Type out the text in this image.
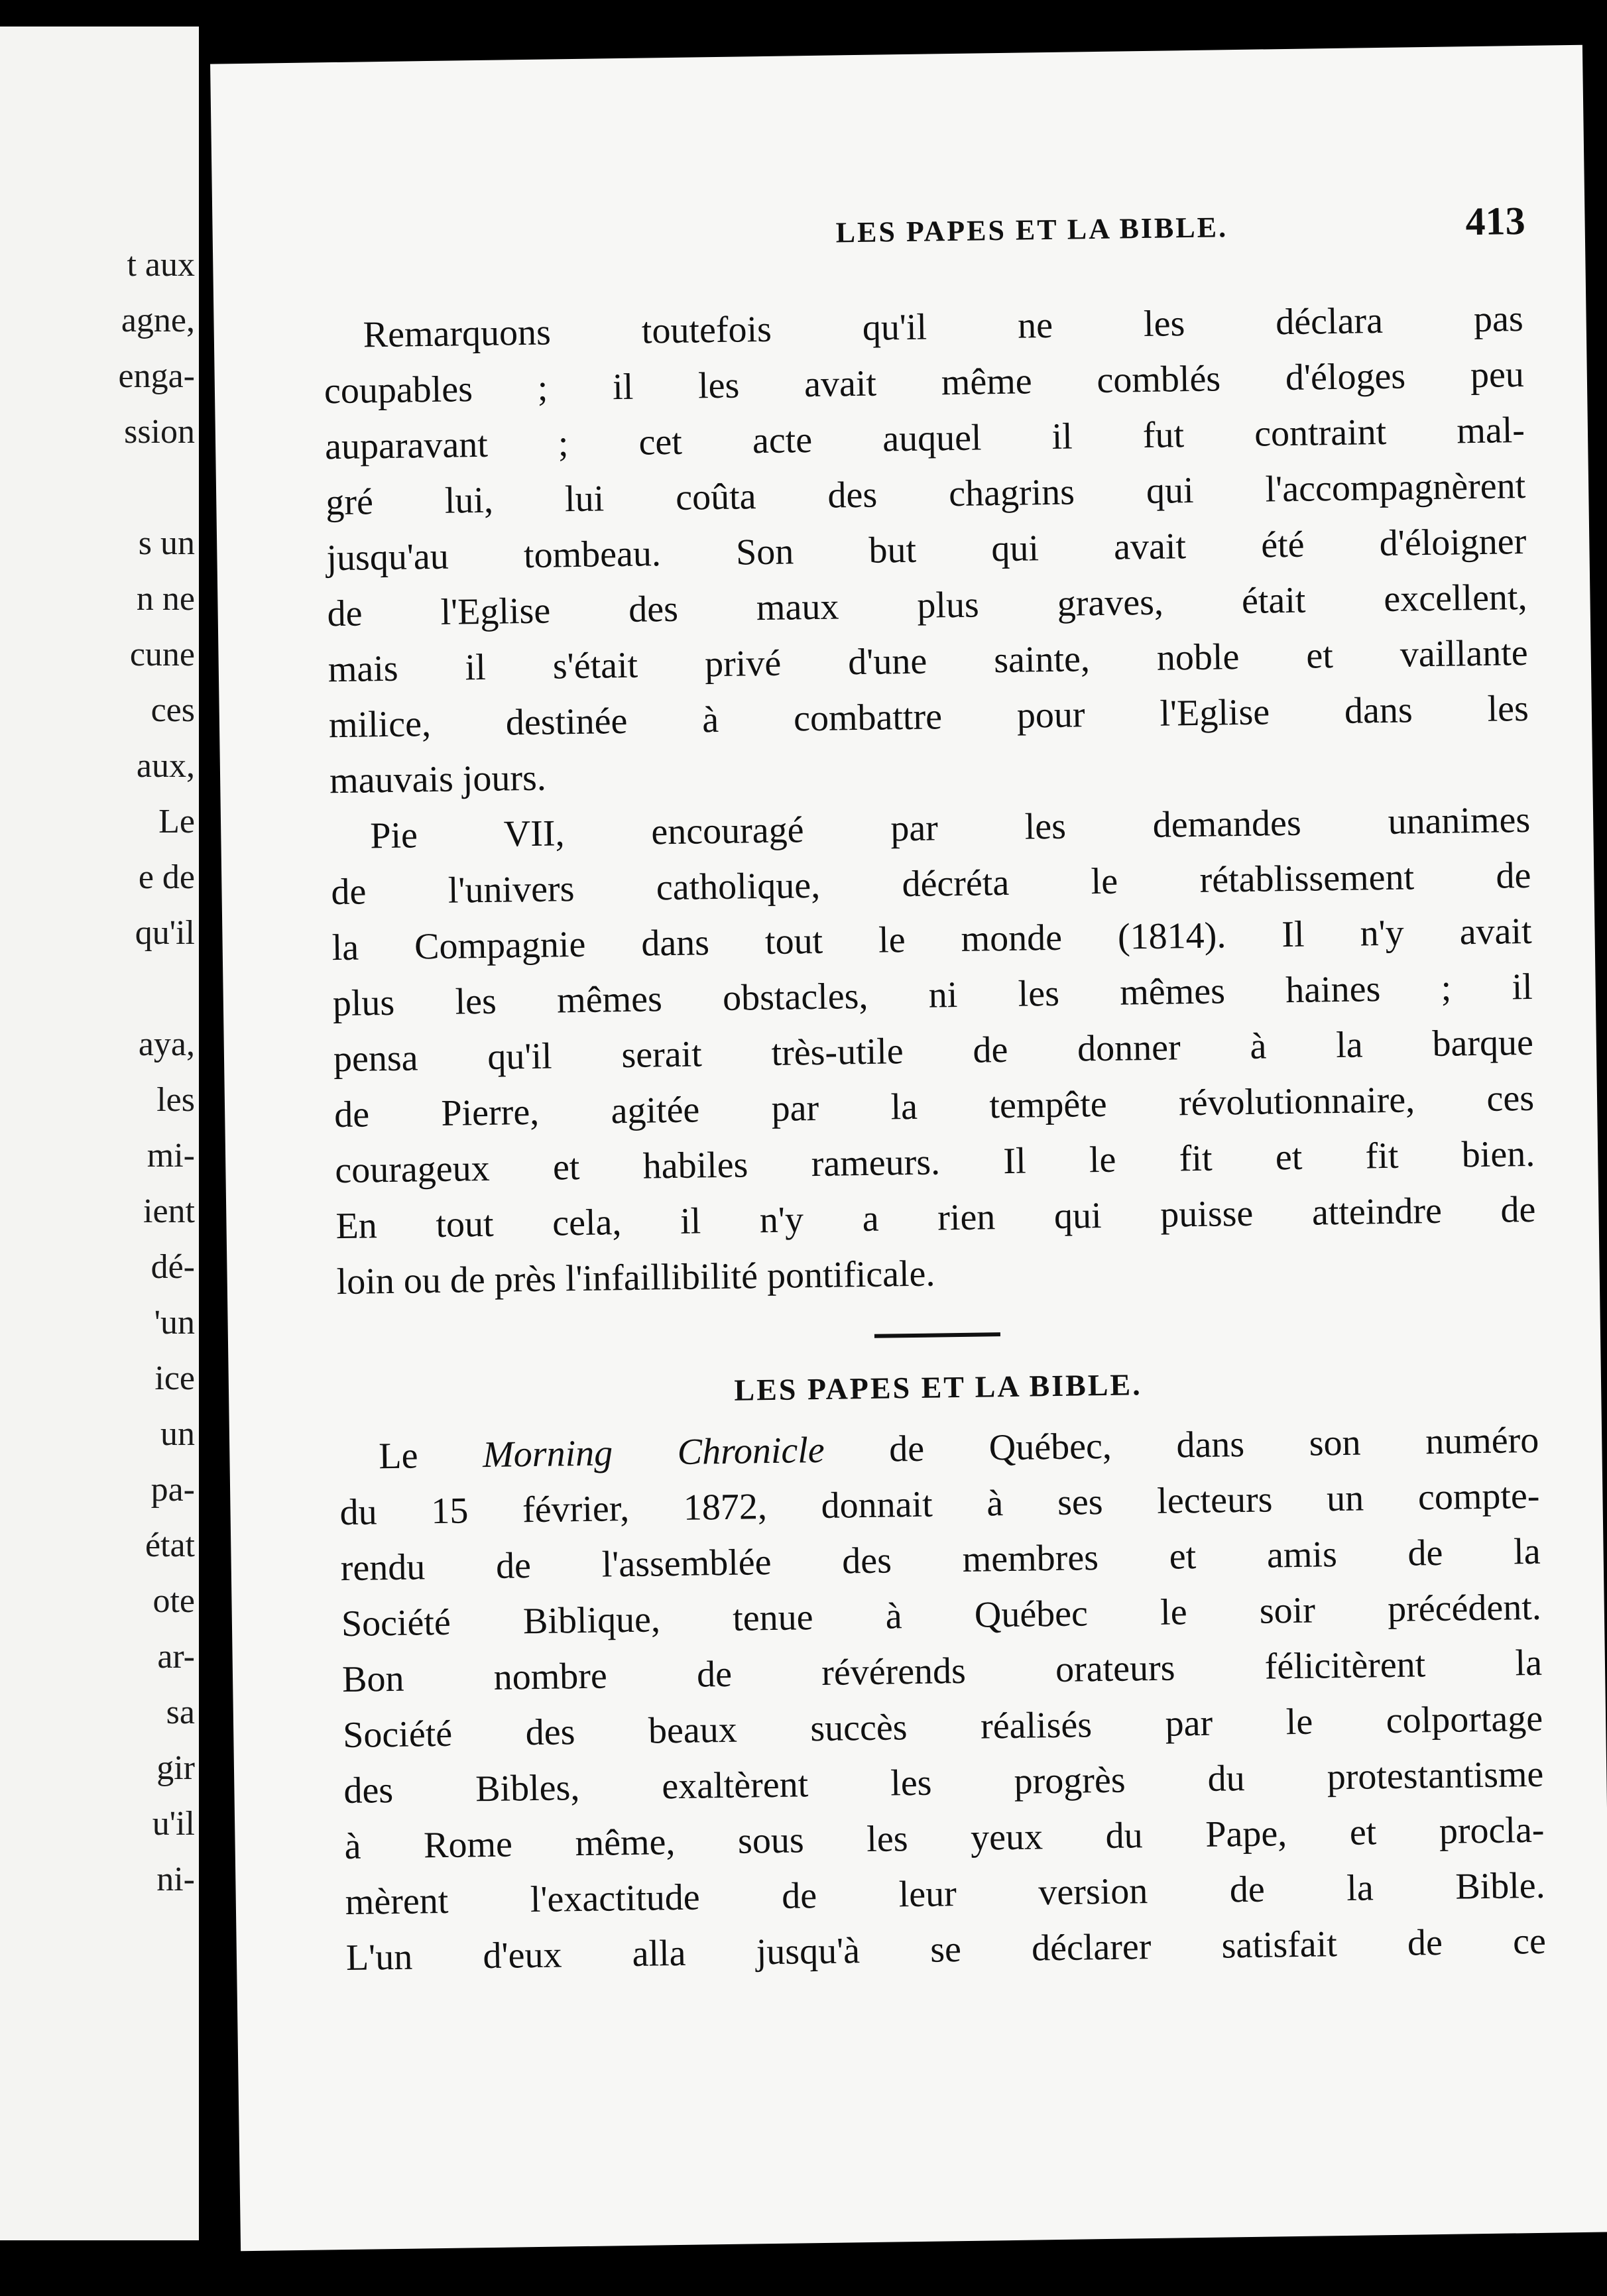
t aux
agne,
enga-
ssion
s un
n ne
cune
ces
aux,
Le
e de
qu'il
aya,
les
mi-
ient
dé-
'un
ice
un
pa-
état
ote
ar-
sa
gir
u'il
ni-
LES PAPES ET LA BIBLE.	413
Remarquons toutefois qu'il ne les déclara pas
coupables ; il les avait même comblés d'éloges peu
auparavant ; cet acte auquel il fut contraint mal-
gré lui, lui coûta des chagrins qui l'accompagnèrent
jusqu'au tombeau. Son but qui avait été d'éloigner
de l'Eglise des maux plus graves, était excellent,
mais il s'était privé d'une sainte, noble et vaillante
milice, destinée à combattre pour l'Eglise dans les
mauvais jours.
Pie VII, encouragé par les demandes unanimes
de l'univers catholique, décréta le rétablissement de
la Compagnie dans tout le monde (1814). Il n'y avait
plus les mêmes obstacles, ni les mêmes haines ; il
pensa qu'il serait très-utile de donner à la barque
de Pierre, agitée par la tempête révolutionnaire, ces
courageux et habiles rameurs. Il le fit et fit bien.
En tout cela, il n'y a rien qui puisse atteindre de
loin ou de près l'infaillibilité pontificale.
LES PAPES ET LA BIBLE.
Le Morning Chronicle de Québec, dans son numéro
du 15 février, 1872, donnait à ses lecteurs un compte-
rendu de l'assemblée des membres et amis de la
Société Biblique, tenue à Québec le soir précédent.
Bon nombre de révérends orateurs félicitèrent la
Société des beaux succès réalisés par le colportage
des Bibles, exaltèrent les progrès du protestantisme
à Rome même, sous les yeux du Pape, et procla-
mèrent l'exactitude de leur version de la Bible.
L'un d'eux alla jusqu'à se déclarer satisfait de ce
